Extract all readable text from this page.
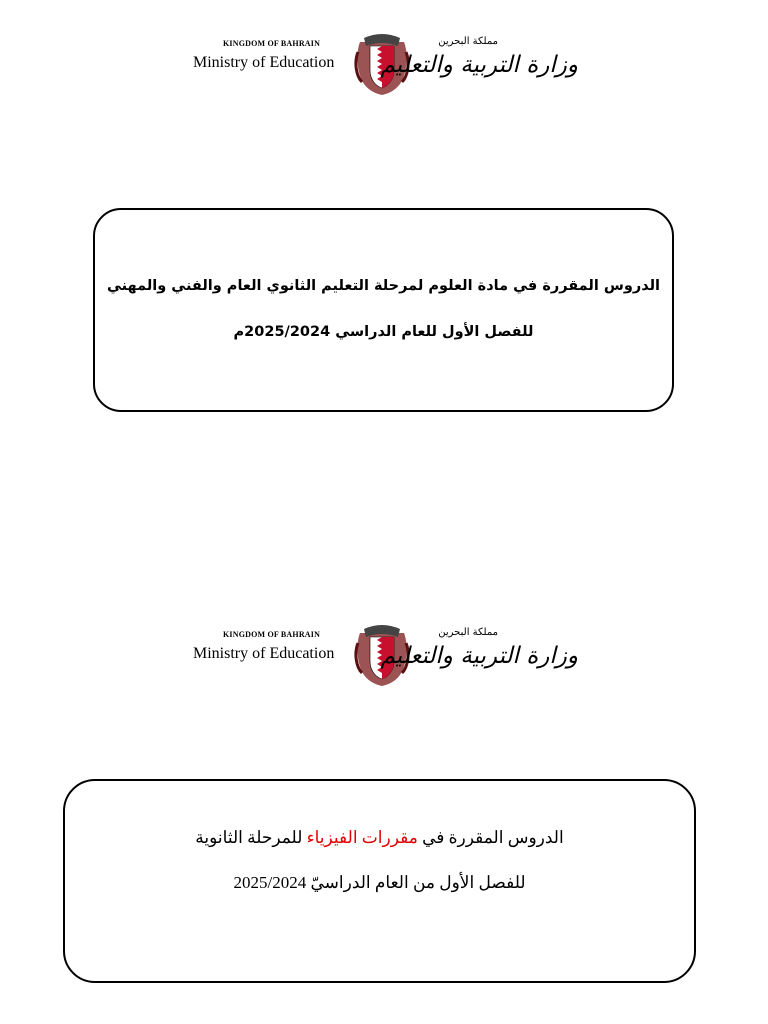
KINGDOM OF BAHRAIN
Ministry of Education
مملكة البحرين
وزارة التربية والتعليم
الدروس المقررة في مادة العلوم لمرحلة التعليم الثانوي العام والفني والمهني
للفصل الأول للعام الدراسي 2025/2024م
KINGDOM OF BAHRAIN
Ministry of Education
مملكة البحرين
وزارة التربية والتعليم
الدروس المقررة في مقررات الفيزياء للمرحلة الثانوية
للفصل الأول من العام الدراسيّ 2025/2024
